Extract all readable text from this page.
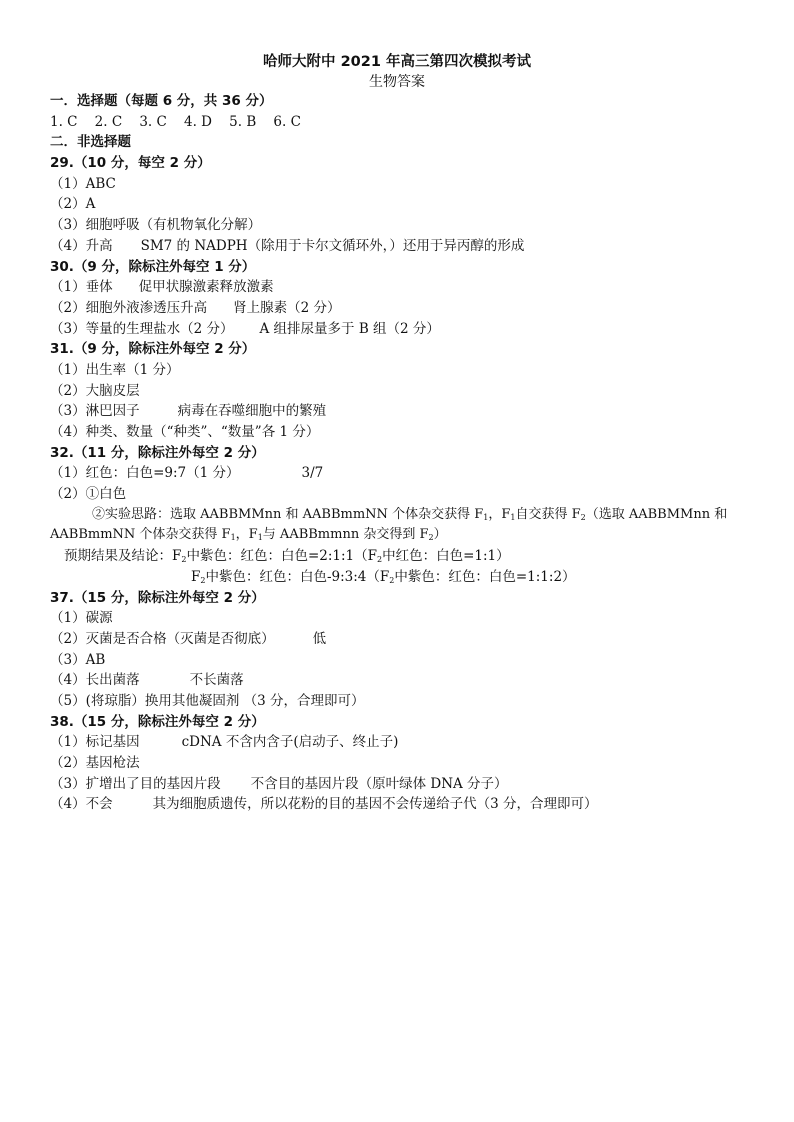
哈师大附中 2021 年高三第四次模拟考试
生物答案
一．选择题（每题 6 分，共 36 分）
1. C    2. C    3. C    4. D    5. B    6. C
二．非选择题
29.（10 分，每空 2 分）
（1）ABC
（2）A
（3）细胞呼吸（有机物氧化分解）
（4）升高 SM7 的 NADPH（除用于卡尔文循环外，）还用于异丙醇的形成
30.（9 分，除标注外每空 1 分）
（1）垂体 促甲状腺激素释放激素
（2）细胞外液渗透压升高 肾上腺素（2 分）
（3）等量的生理盐水（2 分） A 组排尿量多于 B 组（2 分）
31.（9 分，除标注外每空 2 分）
（1）出生率（1 分）
（2）大脑皮层
（3）淋巴因子	病毒在吞噬细胞中的繁殖
（4）种类、数量（“种类”、“数量”各 1 分）
32.（11 分，除标注外每空 2 分）
（1）红色：白色=9:7（1 分）	3/7
（2）①白色
②实验思路：选取 AABBMMnn 和 AABBmmNN 个体杂交获得 $F_1$，$F_1$自交获得 $F_2$（选取 AABBMMnn 和
AABBmmNN 个体杂交获得 $F_1$，$F_1$与 AABBmmnn 杂交得到 $F_2$）
预期结果及结论：$F_2$中紫色：红色：白色$=2:1:1(F_2$中红色：白色=1:1）
$F_2$中紫色：红色：白色$-9:3:4(F_2$中紫色：红色：白色=1:1:2）
37.（15 分，除标注外每空 2 分）
（1）碳源
（2）灭菌是否合格（灭菌是否彻底）	低
（3）AB
（4）长出菌落	不长菌落
（5）(将琼脂）换用其他凝固剂 （3 分，合理即可）
38.（15 分，除标注外每空 2 分）
（1）标记基因	cDNA 不含内含子(启动子、终止子)
（2）基因枪法
（3）扩增出了目的基因片段 不含目的基因片段（原叶绿体 DNA 分子）
（4）不会	其为细胞质遗传，所以花粉的目的基因不会传递给子代（3 分，合理即可）
